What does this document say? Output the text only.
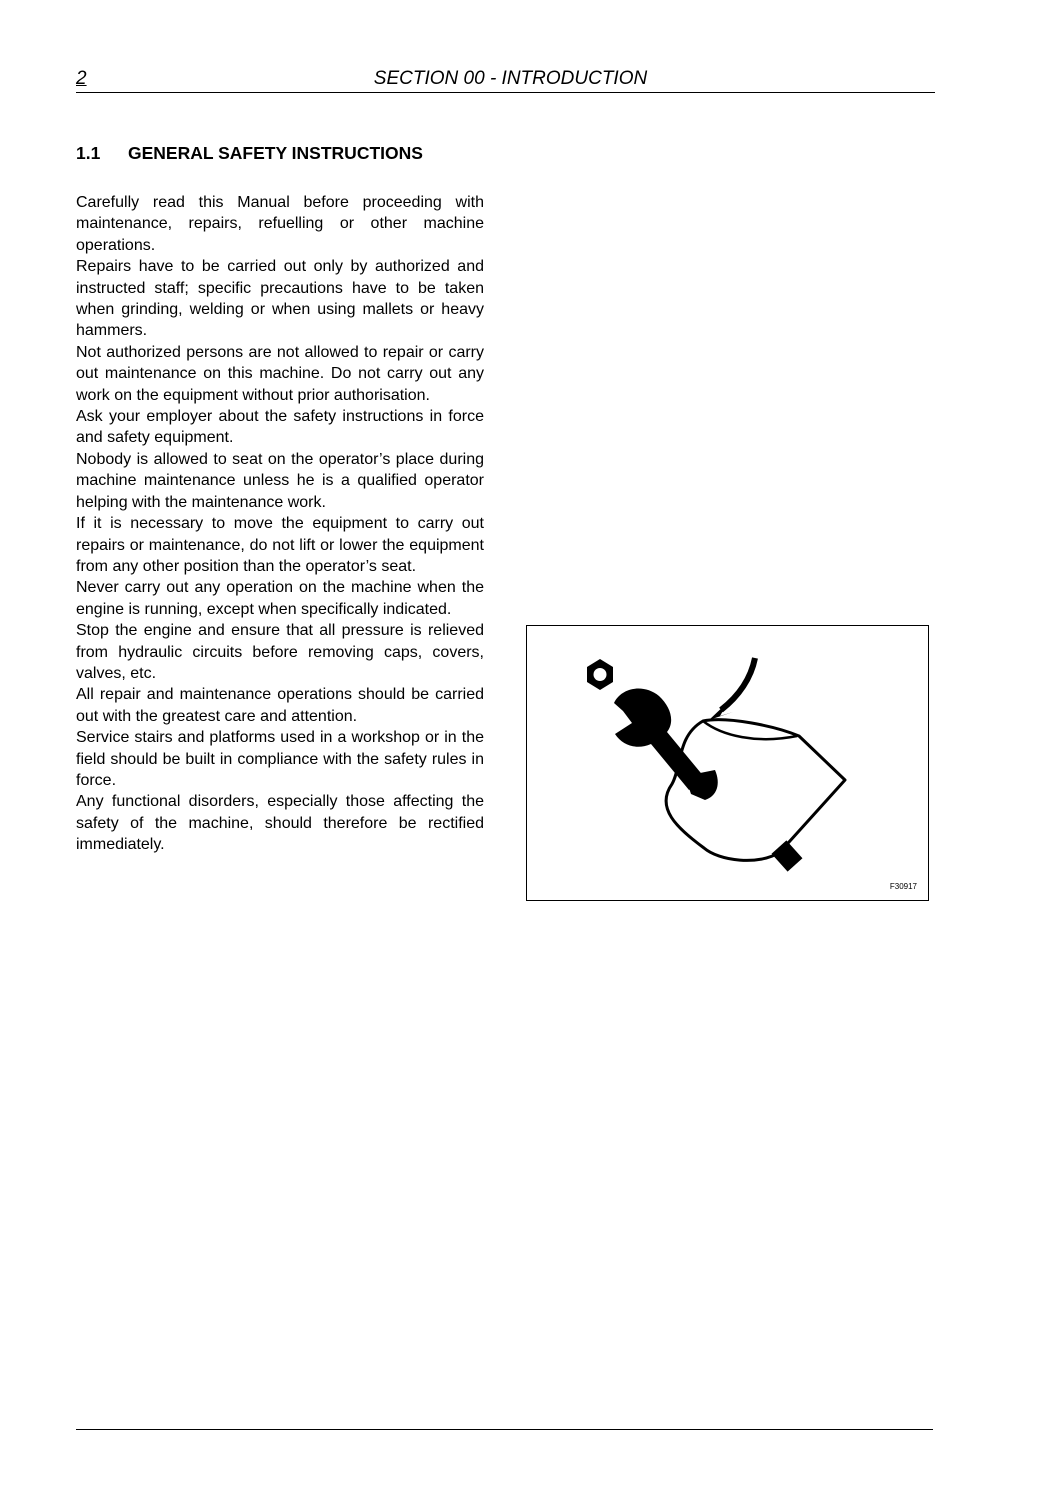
2	SECTION 00 - INTRODUCTION
1.1 GENERAL SAFETY INSTRUCTIONS

Carefully read this Manual before proceeding with maintenance, repairs, refuelling or other machine operations.

Repairs have to be carried out only by authorized and instructed staff; specific precautions have to be taken when grinding, welding or when using mallets or heavy hammers.

Not authorized persons are not allowed to repair or carry out maintenance on this machine. Do not carry out any work on the equipment without prior authorisation.

Ask your employer about the safety instructions in force and safety equipment.

Nobody is allowed to seat on the operator’s place during machine maintenance unless he is a qualified operator helping with the maintenance work.

If it is necessary to move the equipment to carry out repairs or maintenance, do not lift or lower the equipment from any other position than the operator’s seat.

Never carry out any operation on the machine when the engine is running, except when specifically indicated.

Stop the engine and ensure that all pressure is relieved from hydraulic circuits before removing caps, covers, valves, etc.

All repair and maintenance operations should be carried out with the greatest care and attention.

Service stairs and platforms used in a workshop or in the field should be built in compliance with the safety rules in force.

Any functional disorders, especially those affecting the safety of the machine, should therefore be rectified immediately.

F30917
